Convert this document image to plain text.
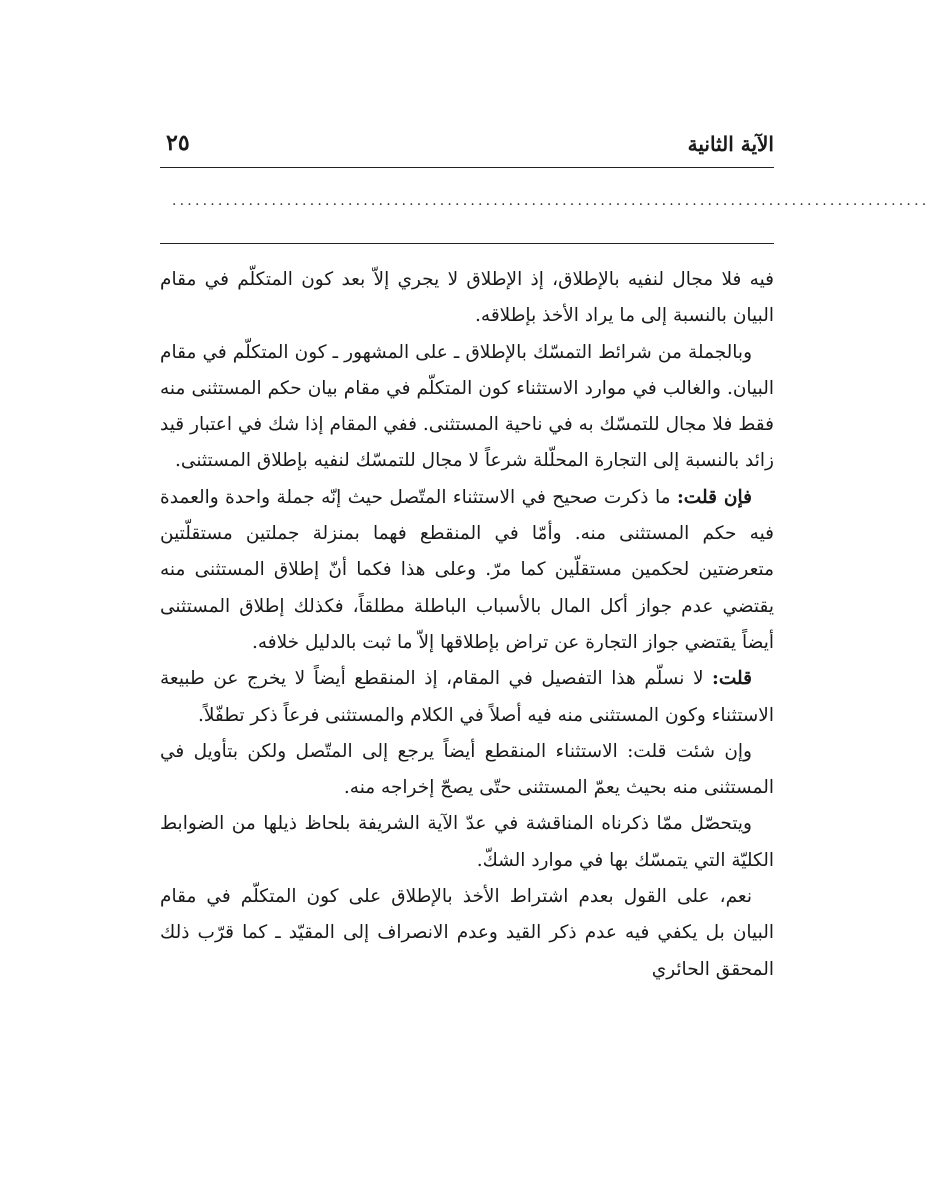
الآية الثانية
٢٥
...................................................................................................

فيه فلا مجال لنفيه بالإطلاق، إذ الإطلاق لا يجري إلاّ بعد كون المتكلّم في مقام البيان بالنسبة إلى ما يراد الأخذ بإطلاقه.

وبالجملة من شرائط التمسّك بالإطلاق ـ على المشهور ـ كون المتكلّم في مقام البيان. والغالب في موارد الاستثناء كون المتكلّم في مقام بيان حكم المستثنى منه فقط فلا مجال للتمسّك به في ناحية المستثنى. ففي المقام إذا شك في اعتبار قيد زائد بالنسبة إلى التجارة المحلّلة شرعاً لا مجال للتمسّك لنفيه بإطلاق المستثنى.

فإن قلت: ما ذكرت صحيح في الاستثناء المتّصل حيث إنّه جملة واحدة والعمدة فيه حكم المستثنى منه. وأمّا في المنقطع فهما بمنزلة جملتين مستقلّتين متعرضتين لحكمين مستقلّين كما مرّ. وعلى هذا فكما أنّ إطلاق المستثنى منه يقتضي عدم جواز أكل المال بالأسباب الباطلة مطلقاً، فكذلك إطلاق المستثنى أيضاً يقتضي جواز التجارة عن تراض بإطلاقها إلاّ ما ثبت بالدليل خلافه.

قلت: لا نسلّم هذا التفصيل في المقام، إذ المنقطع أيضاً لا يخرج عن طبيعة الاستثناء وكون المستثنى منه فيه أصلاً في الكلام والمستثنى فرعاً ذكر تطفّلاً.

وإن شئت قلت: الاستثناء المنقطع أيضاً يرجع إلى المتّصل ولكن بتأويل في المستثنى منه بحيث يعمّ المستثنى حتّى يصحّ إخراجه منه.

ويتحصّل ممّا ذكرناه المناقشة في عدّ الآية الشريفة بلحاظ ذيلها من الضوابط الكليّة التي يتمسّك بها في موارد الشكّ.

نعم، على القول بعدم اشتراط الأخذ بالإطلاق على كون المتكلّم في مقام البيان بل يكفي فيه عدم ذكر القيد وعدم الانصراف إلى المقيّد ـ كما قرّب ذلك المحقق الحائري
